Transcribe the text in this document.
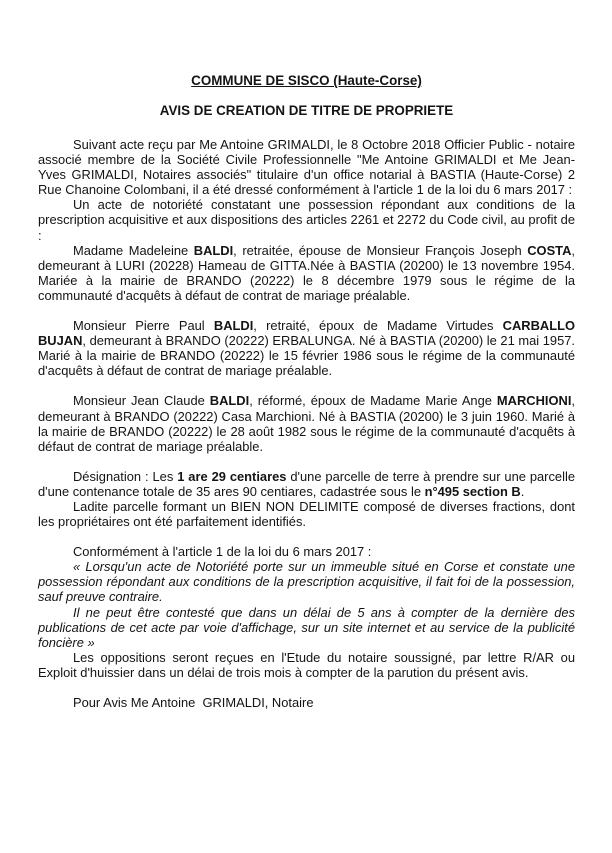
COMMUNE DE SISCO (Haute-Corse)

AVIS DE CREATION DE TITRE DE PROPRIETE

Suivant acte reçu par Me Antoine GRIMALDI, le 8 Octobre 2018 Officier Public - notaire associé membre de la Société Civile Professionnelle "Me Antoine GRIMALDI et Me Jean-Yves GRIMALDI, Notaires associés" titulaire d'un office notarial à BASTIA (Haute-Corse) 2 Rue Chanoine Colombani, il a été dressé conformément à l'article 1 de la loi du 6 mars 2017 :

Un acte de notoriété constatant une possession répondant aux conditions de la prescription acquisitive et aux dispositions des articles 2261 et 2272 du Code civil, au profit de :

Madame Madeleine BALDI, retraitée, épouse de Monsieur François Joseph COSTA, demeurant à LURI (20228) Hameau de GITTA.Née à BASTIA (20200) le 13 novembre 1954. Mariée à la mairie de BRANDO (20222) le 8 décembre 1979 sous le régime de la communauté d'acquêts à défaut de contrat de mariage préalable.

Monsieur Pierre Paul BALDI, retraité, époux de Madame Virtudes CARBALLO BUJAN, demeurant à BRANDO (20222) ERBALUNGA. Né à BASTIA (20200) le 21 mai 1957. Marié à la mairie de BRANDO (20222) le 15 février 1986 sous le régime de la communauté d'acquêts à défaut de contrat de mariage préalable.

Monsieur Jean Claude BALDI, réformé, époux de Madame Marie Ange MARCHIONI, demeurant à BRANDO (20222) Casa Marchioni. Né à BASTIA (20200) le 3 juin 1960. Marié à la mairie de BRANDO (20222) le 28 août 1982 sous le régime de la communauté d'acquêts à défaut de contrat de mariage préalable.

Désignation : Les 1 are 29 centiares d'une parcelle de terre à prendre sur une parcelle d'une contenance totale de 35 ares 90 centiares, cadastrée sous le n°495 section B.

Ladite parcelle formant un BIEN NON DELIMITE composé de diverses fractions, dont les propriétaires ont été parfaitement identifiés.

Conformément à l'article 1 de la loi du 6 mars 2017 :

« Lorsqu'un acte de Notoriété porte sur un immeuble situé en Corse et constate une possession répondant aux conditions de la prescription acquisitive, il fait foi de la possession, sauf preuve contraire.

Il ne peut être contesté que dans un délai de 5 ans à compter de la dernière des publications de cet acte par voie d'affichage, sur un site internet et au service de la publicité foncière »

Les oppositions seront reçues en l'Etude du notaire soussigné, par lettre R/AR ou Exploit d'huissier dans un délai de trois mois à compter de la parution du présent avis.

Pour Avis Me Antoine  GRIMALDI, Notaire
